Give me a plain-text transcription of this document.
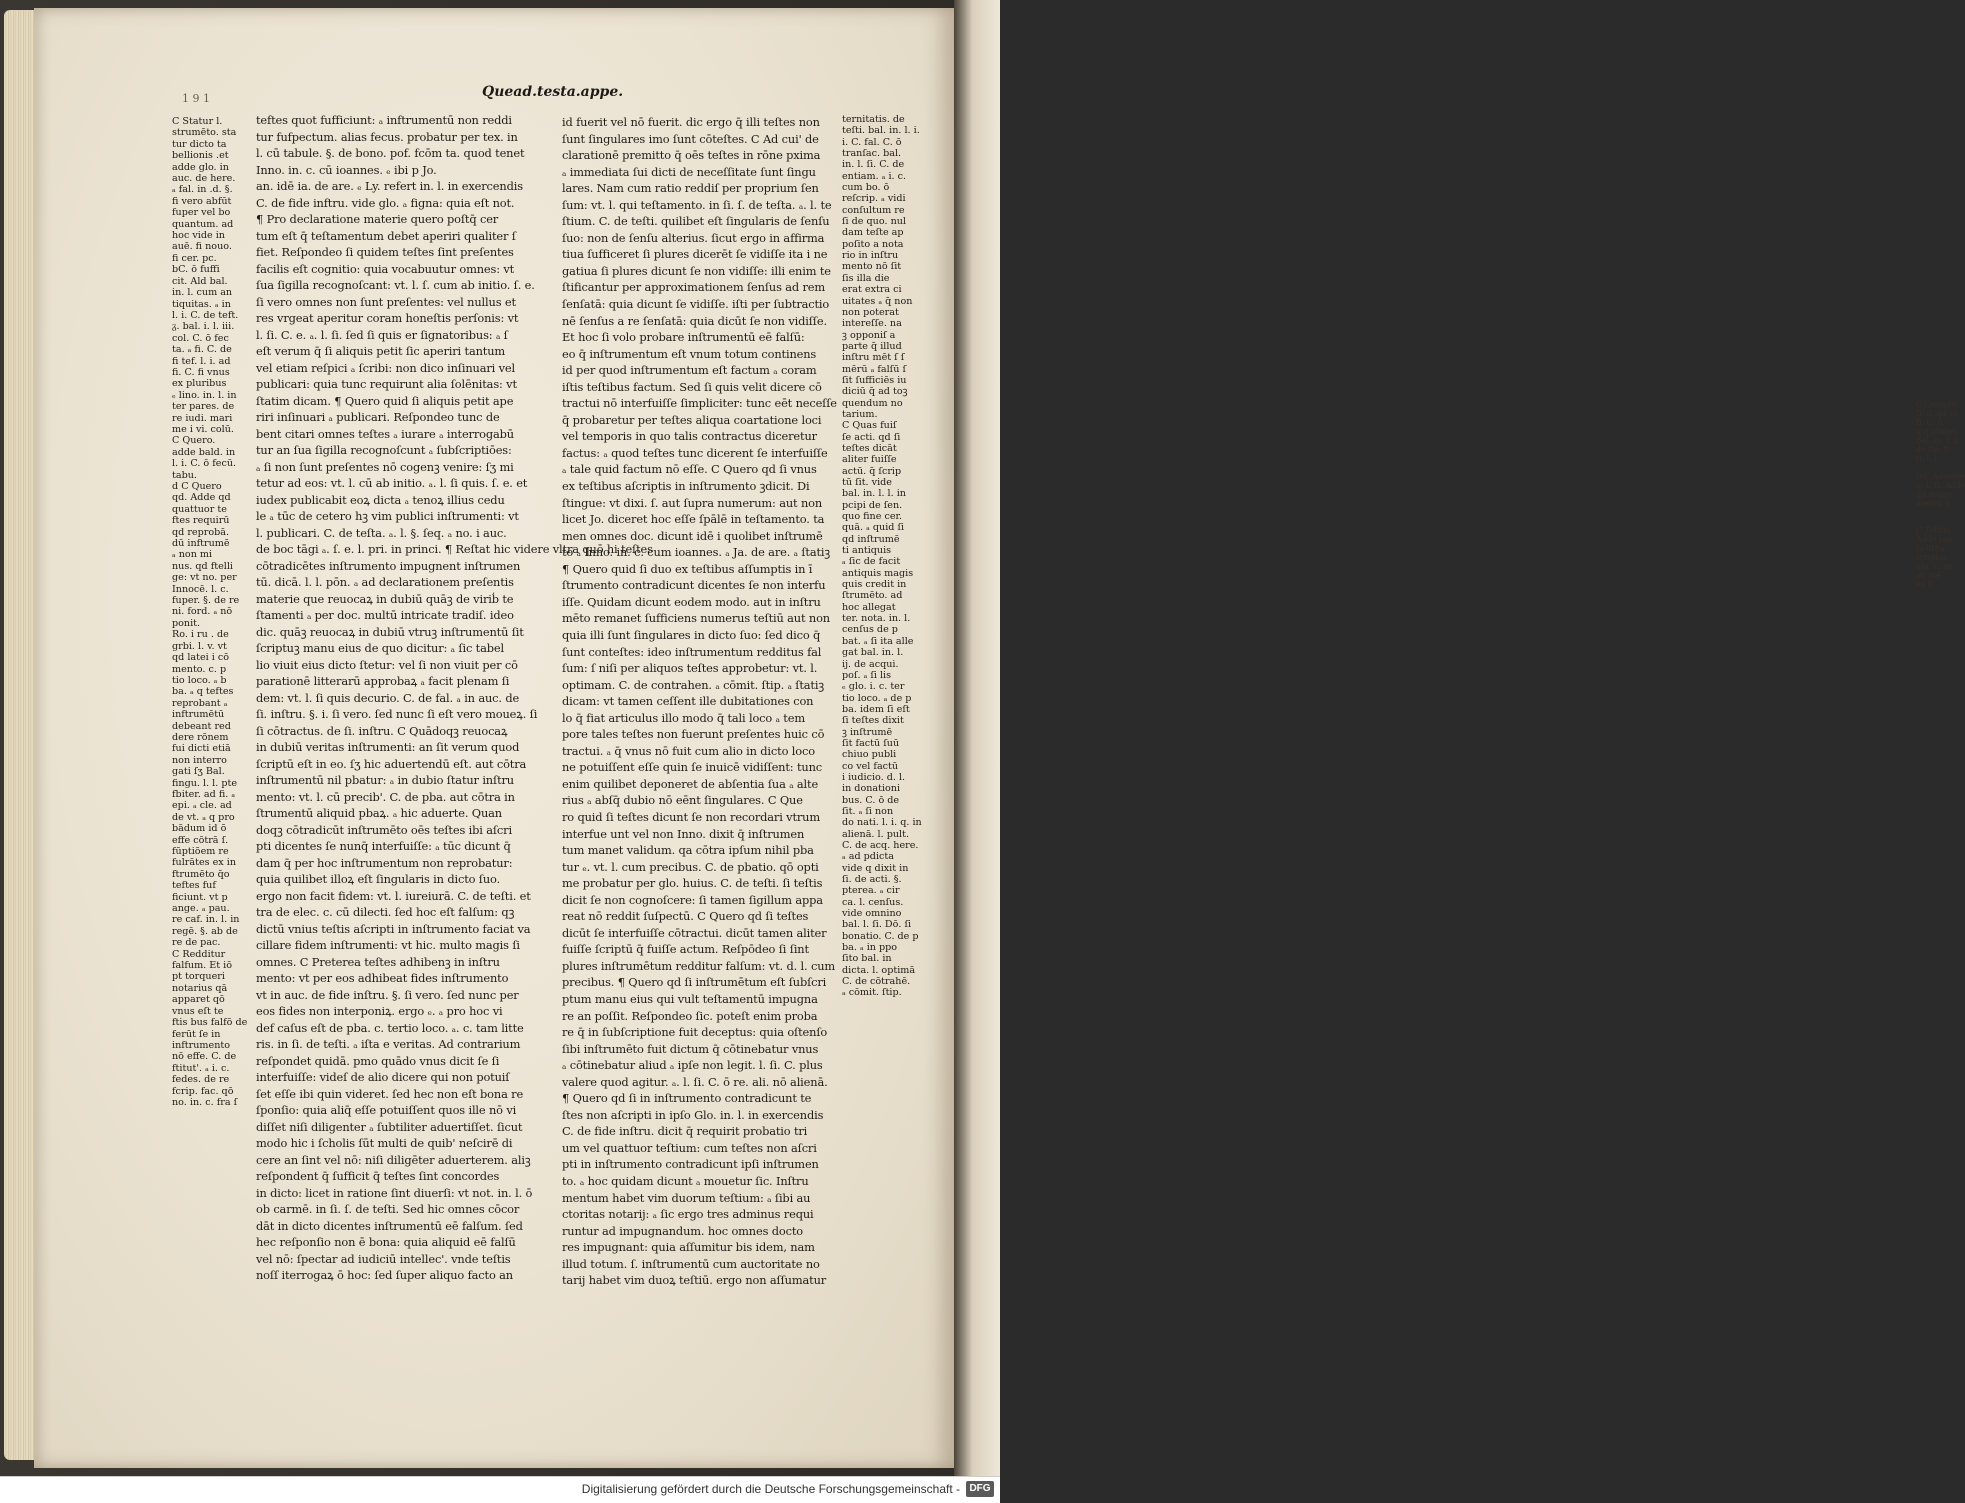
C Quando
ſi. d. qd vi
ſi. C. ō
q q plures
bal. in. l. i.
de fal. fr
ſi. l. i.

b C Aduerte
q. l. ſi. Adde
qd magis
mentū q̄

C Teſtim
Adde bar
la libra
ſcriptos
glo. C. in
ia. mē
ex ſi
1 9 1	Quead.testa.appe.
C Statur l.
strumēto. sta
tur dicto ta
bellionis .et
adde glo. in
auc. de here.
ₐ fal. in .d. §.
fi vero abfūt
fuper vel bo
quantum. ad
hoc vide in
auē. fi nouo.
fi cer. pc.
bC. ō fuffi
cit. Ald bal.
in. l. cum an
tiquitas. ₐ in
l. i. C. de teft.
ᵹ. bal. i. l. iii.
col. C. ō fec
ta. ₐ fi. C. de
fi tef. l. i. ad
fi. C. fi vnus
ex pluribus
ₑ lino. in. l. in
ter pares. de
re iudi. mari
me i vi. colū.
C Quero.
adde bald. in
l. i. C. ō fecū.
tabu.
d C Quero
qd. Adde qd
quattuor te
ftes requirū
qd reprobā.
dū inftrumē
ₐ non mi
nus. qd ftelli
ge: vt no. per
Innocē. l. c.
fuper. §. de re
ni. ford. ₐ nō
ponit.
Ro. i ru . de
grbi. l. v. vt
qd latei i cō
mento. c. p
tio loco. ₐ b
ba. ₐ q teftes
reprobant ₐ
inftrumētū
debeant red
dere rōnem
fui dicti etiā
non interro
gati ſʒ Bal.
fingu. l. l. pte
fbiter. ad fi. ₐ
epi. ₐ cle. ad
de vt. ₐ q pro
bādum id ō
effe cōtrā ſ.
fūptiōem re
fulrātes ex in
ftrumēto q̄o
teftes fuf
ficiunt. vt p
ange. ₐ pau.
re caf. in. l. in
regē. §. ab de
re de pac.
C Redditur
falfum. Et iō
pt torqueri
notarius qā
apparet qō
vnus eſt te
ftis bus falfō de
ferūt ſe in
inftrumento
nō effe. C. de
ftitut'. ₐ i. c.
fedes. de re
fcrip. fac. qō
no. in. c. fra ſ
teftes quot fufficiunt: ₐ inftrumentū non reddi
tur fufpectum. alias fecus. probatur per tex. in
l. cū tabule. §. de bono. pof. fcōm ta. quod tenet
Inno. in. c. cū ioannes. ₑ ibi p Jo.
an. idē ia. de are. ₑ Ly. refert in. l. in exercendis
C. de fide inftru. vide glo. ₐ figna: quia eſt not.
¶ Pro declaratione materie quero poſtq̄ cer
tum eſt q̄ teſtamentum debet aperiri qualiter ſ
fiet. Reſpondeo ſi quidem teſtes ſint preſentes
facilis eſt cognitio: quia vocabuutur omnes: vt
ſua ſigilla recognoſcant: vt. l. ſ. cum ab initio. ſ. e.
ſi vero omnes non ſunt preſentes: vel nullus et
res vrgeat aperitur coram honeſtis perſonis: vt
l. ſi. C. e. ₐ. l. ſi. ſed ſi quis er ſignatoribus: ₐ ſ
eſt verum q̄ ſi aliquis petit ſic aperiri tantum
vel etiam reſpici ₐ ſcribi: non dico inſinuari vel
publicari: quia tunc requirunt alia ſolēnitas: vt
ſtatim dicam. ¶ Quero quid ſi aliquis petit ape
riri inſinuari ₐ publicari. Reſpondeo tunc de
bent citari omnes teſtes ₐ iurare ₐ interrogabū
tur an ſua ſigilla recognoſcunt ₐ ſubſcriptiōes:
ₐ ſi non ſunt preſentes nō cogenꝫ venire: ſʒ mi
tetur ad eos: vt. l. cū ab initio. ₐ. l. ſi quis. ſ. e. et
iudex publicabit eoꝝ dicta ₐ tenoꝝ illius cedu
le ₐ tūc de cetero hꝫ vim publici inſtrumenti: vt
l. publicari. C. de teſta. ₐ. l. §. ſeq. ₐ no. i auc.
de boc tāgi ₐ. ſ. e. l. pri. in princi. ¶ Reſtat hic videre vltra quō hi teſtes
cōtradicētes inſtrumento impugnent inſtrumen
tū. dicā. l. l. pōn. ₐ ad declarationem preſentis
materie que reuocaꝝ in dubiū quāꝫ de viriḃ te
ſtamenti ₐ per doc. multū intricate tradiſ. ideo
dic. quāꝫ reuocaꝝ in dubiū vtruꝫ inſtrumentū ſit
ſcriptuꝫ manu eius de quo dicitur: ₐ ſic tabel
lio viuit eius dicto ſtetur: vel ſi non viuit per cō
parationē litterarū approbaꝝ ₐ facit plenam ſi
dem: vt. l. ſi quis decurio. C. de fal. ₐ in auc. de
ſi. inſtru. §. i. ſi vero. ſed nunc ſi eſt vero moueꝝ. ſi
ſi cōtractus. de ſi. inſtru. C Quādoqꝫ reuocaꝝ
in dubiū veritas inſtrumenti: an ſit verum quod
ſcriptū eſt in eo. ſʒ hic aduertendū eſt. aut cōtra
inſtrumentū nil pbatur: ₐ in dubio ſtatur inſtru
mento: vt. l. cū precib'. C. de pba. aut cōtra in
ſtrumentū aliquid pbaꝝ. ₐ hic aduerte. Quan
doqꝫ cōtradicūt inſtrumēto oēs teſtes ibi aſcri
pti dicentes ſe nunq̄ interfuiſſe: ₐ tūc dicunt q̄
dam q̄ per hoc inſtrumentum non reprobatur:
quia quilibet illoꝝ eſt ſingularis in dicto ſuo.
ergo non facit fidem: vt. l. iureiurā. C. de teſti. et
tra de elec. c. cū dilecti. ſed hoc eſt falſum: qꝫ
dictū vnius teſtis aſcripti in inſtrumento faciat va
cillare fidem inſtrumenti: vt hic. multo magis ſi
omnes. C Preterea teſtes adhibenꝫ in inſtru
mento: vt per eos adhibeat fides inſtrumento
vt in auc. de fide inſtru. §. ſi vero. ſed nunc per
eos fides non interponiꝝ. ergo ₑ. ₐ pro hoc vi
def caſus eſt de pba. c. tertio loco. ₐ. c. tam litte
ris. in ſi. de teſti. ₐ iſta e veritas. Ad contrarium
reſpondet quidā. pmo quādo vnus dicit ſe ſi
interfuiſſe: videſ de alio dicere qui non potuiſ
ſet eſſe ibi quin videret. ſed hec non eſt bona re
ſponſio: quia aliq̄ eſſe potuiſſent quos ille nō vi
diſſet niſi diligenter ₐ ſubtiliter aduertiſſet. ſicut
modo hic i ſcholis ſūt multi de quib' neſcirē di
cere an ſint vel nō: niſi diligēter aduerterem. aliꝫ
reſpondent q̄ ſufficit q̄ teſtes ſint concordes
in dicto: licet in ratione ſint diuerſi: vt not. in. l. ō
ob carmē. in ſi. ſ. de teſti. Sed hic omnes cōcor
dāt in dicto dicentes inſtrumentū eē falſum. ſed
hec reſponſio non ē bona: quia aliquid eē falſū
vel nō: ſpectar ad iudiciū intellec'. vnde teſtis
noſſ iterrogaꝝ ō hoc: ſed ſuper aliquo facto an
id fuerit vel nō fuerit. dic ergo q̄ illi teſtes non
ſunt ſingulares imo ſunt cōteſtes. C Ad cui' de
clarationē premitto q̄ oēs teſtes in rōne pxima
ₐ immediata ſui dicti de neceſſitate ſunt ſingu
lares. Nam cum ratio reddiſ per proprium ſen
ſum: vt. l. qui teſtamento. in ſi. ſ. de teſta. ₐ. l. te
ſtium. C. de teſti. quilibet eſt ſingularis de ſenſu
ſuo: non de ſenſu alterius. ſicut ergo in affirma
tiua ſufficeret ſi plures dicerēt ſe vidiſſe ita i ne
gatiua ſi plures dicunt ſe non vidiſſe: illi enim te
ſtificantur per approximationem ſenſus ad rem
ſenſatā: quia dicunt ſe vidiſſe. iſti per ſubtractio
nē ſenſus a re ſenſatā: quia dicūt ſe non vidiſſe.
Et hoc ſi volo probare inſtrumentū eē falſū:
eo q̄ inſtrumentum eſt vnum totum continens
id per quod inſtrumentum eſt factum ₐ coram
iſtis teſtibus factum. Sed ſi quis velit dicere cō
tractui nō interfuiſſe ſimpliciter: tunc eēt neceſſe
q̄ probaretur per teſtes aliqua coartatione loci
vel temporis in quo talis contractus diceretur
factus: ₐ quod teſtes tunc dicerent ſe interfuiſſe
ₐ tale quid factum nō eſſe. C Quero qd ſi vnus
ex teſtibus aſcriptis in inſtrumento ꝫdicit. Di
ſtingue: vt dixi. ſ. aut ſupra numerum: aut non
licet Jo. diceret hoc eſſe ſpālē in teſtamento. ta
men omnes doc. dicunt idē i quolibet inſtrumē
to ₐ Inno. in. c. cum ioannes. ₐ Ja. de are. ₐ ſtatiꝫ
¶ Quero quid ſi duo ex teſtibus aſſumptis in ī
ſtrumento contradicunt dicentes ſe non interfu
iſſe. Quidam dicunt eodem modo. aut in inſtru
mēto remanet ſufficiens numerus teſtiū aut non
quia illi ſunt ſingulares in dicto ſuo: ſed dico q̄
ſunt conteſtes: ideo inſtrumentum redditus fal
ſum: ſ niſi per aliquos teſtes approbetur: vt. l.
optimam. C. de contrahen. ₐ cōmit. ſtip. ₐ ſtatiꝫ
dicam: vt tamen ceſſent ille dubitationes con
lo q̄ fiat articulus illo modo q̄ tali loco ₐ tem
pore tales teſtes non fuerunt preſentes huic cō
tractui. ₐ q̄ vnus nō fuit cum alio in dicto loco
ne potuiſſent eſſe quin ſe inuicē vidiſſent: tunc
enim quilibet deponeret de abſentia ſua ₐ alte
rius ₐ abſq̄ dubio nō eēnt ſingulares. C Que
ro quid ſi teſtes dicunt ſe non recordari vtrum
interfue unt vel non Inno. dixit q̄ inſtrumen
tum manet validum. qa cōtra ipſum nihil pba
tur ₑ. vt. l. cum precibus. C. de pbatio. qō opti
me probatur per glo. huius. C. de teſti. ſi teſtis
dicit ſe non cognoſcere: ſi tamen ſigillum appa
reat nō reddit ſuſpectū. C Quero qd ſi teſtes
dicūt ſe interfuiſſe cōtractui. dicūt tamen aliter
fuiſſe ſcriptū q̄ fuiſſe actum. Reſpōdeo ſi ſint
plures inſtrumētum redditur falſum: vt. d. l. cum
precibus. ¶ Quero qd ſi inſtrumētum eſt ſubſcri
ptum manu eius qui vult teſtamentū impugna
re an poſſit. Reſpondeo ſic. poteſt enim proba
re q̄ in ſubſcriptione fuit deceptus: quia oſtenſo
ſibi inſtrumēto fuit dictum q̄ cōtinebatur vnus
ₐ cōtinebatur aliud ₐ ipſe non legit. l. ſi. C. plus
valere quod agitur. ₐ. l. ſi. C. ō re. ali. nō alienā.
¶ Quero qd ſi in inſtrumento contradicunt te
ſtes non aſcripti in ipſo Glo. in. l. in exercendis
C. de fide inſtru. dicit q̄ requirit probatio tri
um vel quattuor teſtium: cum teſtes non aſcri
pti in inſtrumento contradicunt ipſi inſtrumen
to. ₐ hoc quidam dicunt ₐ mouetur ſic. Inſtru
mentum habet vim duorum teſtium: ₐ ſibi au
ctoritas notarij: ₐ ſic ergo tres adminus requi
runtur ad impugnandum. hoc omnes docto
res impugnant: quia aſſumitur bis idem, nam
illud totum. ſ. inſtrumentū cum auctoritate no
tarij habet vim duoꝝ teſtiū. ergo non aſſumatur
ternitatis. de
teſti. bal. in. l. i.
i. C. fal. C. ō
tranſac. bal.
in. l. ſi. C. de
entiam. ₐ i. c.
cum bo. ō
reſcrip. ₐ vidi
conſultum re
ſi de quo. nul
dam teſte ap
poſito a nota
rio in inſtru
mento nō ſit
ſis illa die
erat extra ci
uitates ₐ q̄ non
non poterat
intereſſe. na
ꝫ opponiſ a
parte q̄ illud
inſtru mēt ſ ſ
mērū ₐ falſū ſ
ſit ſufficiēs iu
diciū q̄ ad toꝫ
quendum no
tarium.
C Quas fuiſ
ſe acti. qd ſi
teſtes dicāt
aliter fuiſſe
actū. q̄ ſcrip
tū ſit. vide
bal. in. l. l. in
pcipi de ſen.
quo fine cer.
quā. ₐ quid ſi
qd inſtrumē
ti antiquis
ₐ ſic de facit
antiquis magis
quis credit in
ſtrumēto. ad
hoc allegat
ter. nota. in. l.
cenſus de p
bat. ₐ ſi ita alle
gat bal. in. l.
ij. de acqui.
poſ. ₐ ſi lis
ₑ glo. i. c. ter
tio loco. ₐ de p
ba. idem ſi eſt
ſi teſtes dixit
ꝫ inſtrumē
ſit factū ſuū
chiuo publi
co vel factū
i iudicio. d. l.
in donationi
bus. C. ō de
ſit. ₐ ſi non
do nati. l. i. q. in
alienā. l. pult.
C. de acq. here.
ₐ ad pdicta
vide q dixit in
ſi. de acti. §.
pterea. ₐ cir
ca. l. cenſus.
vide omnino
bal. l. ſi. Dō. ſi
bonatio. C. de p
ba. ₐ in ppo
ſito bal. in
dicta. l. optimā
C. de cōtrahē.
ₐ cōmit. ſtip.
Digitalisierung gefördert durch die Deutsche Forschungsgemeinschaft - DFG
